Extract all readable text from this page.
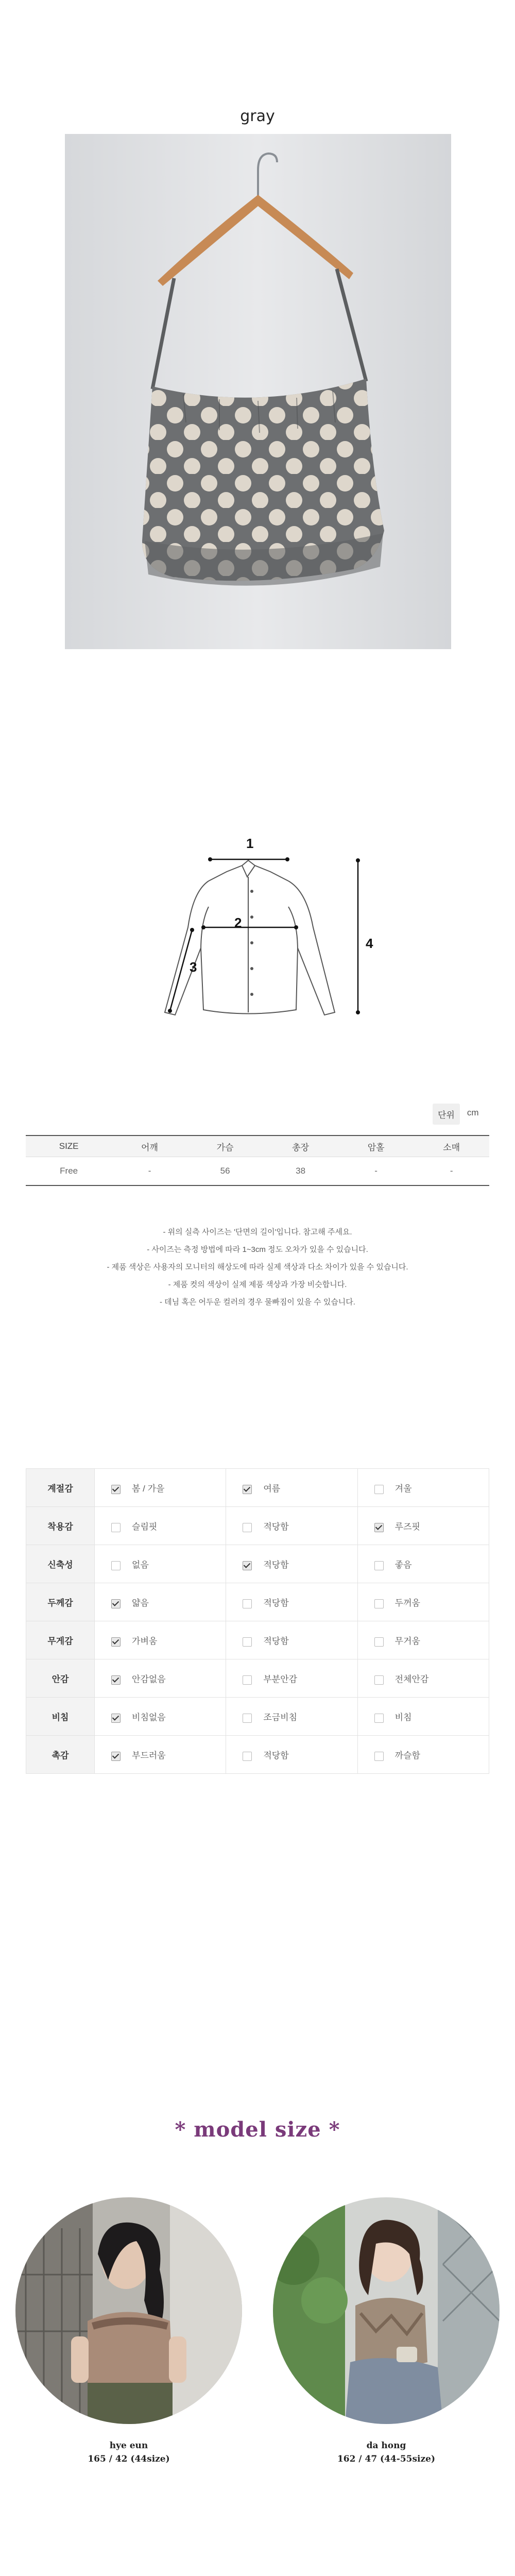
gray
1
2
3
4
단위	cm
SIZE	어깨	가슴	총장	암홀	소매
Free	-	56	38	-	-
- 위의 실측 사이즈는 '단면의 길이'입니다. 참고해 주세요.
- 사이즈는 측정 방법에 따라 1~3cm 정도 오차가 있을 수 있습니다.
- 제품 색상은 사용자의 모니터의 해상도에 따라 실제 색상과 다소 차이가 있을 수 있습니다.
- 제품 컷의 색상이 실제 제품 색상과 가장 비슷합니다.
- 데님 혹은 어두운 컬러의 경우 물빠짐이 있을 수 있습니다.
계절감	봄 / 가을	여름	겨울
착용감	슬림핏	적당함	루즈핏
신축성	없음	적당함	좋음
두께감	얇음	적당함	두꺼움
무게감	가벼움	적당함	무거움
안감	안감없음	부분안감	전체안감
비침	비침없음	조금비침	비침
촉감	부드러움	적당함	까슬함
* model size *
hye eun
165 / 42 (44size)
da hong
162 / 47 (44-55size)
